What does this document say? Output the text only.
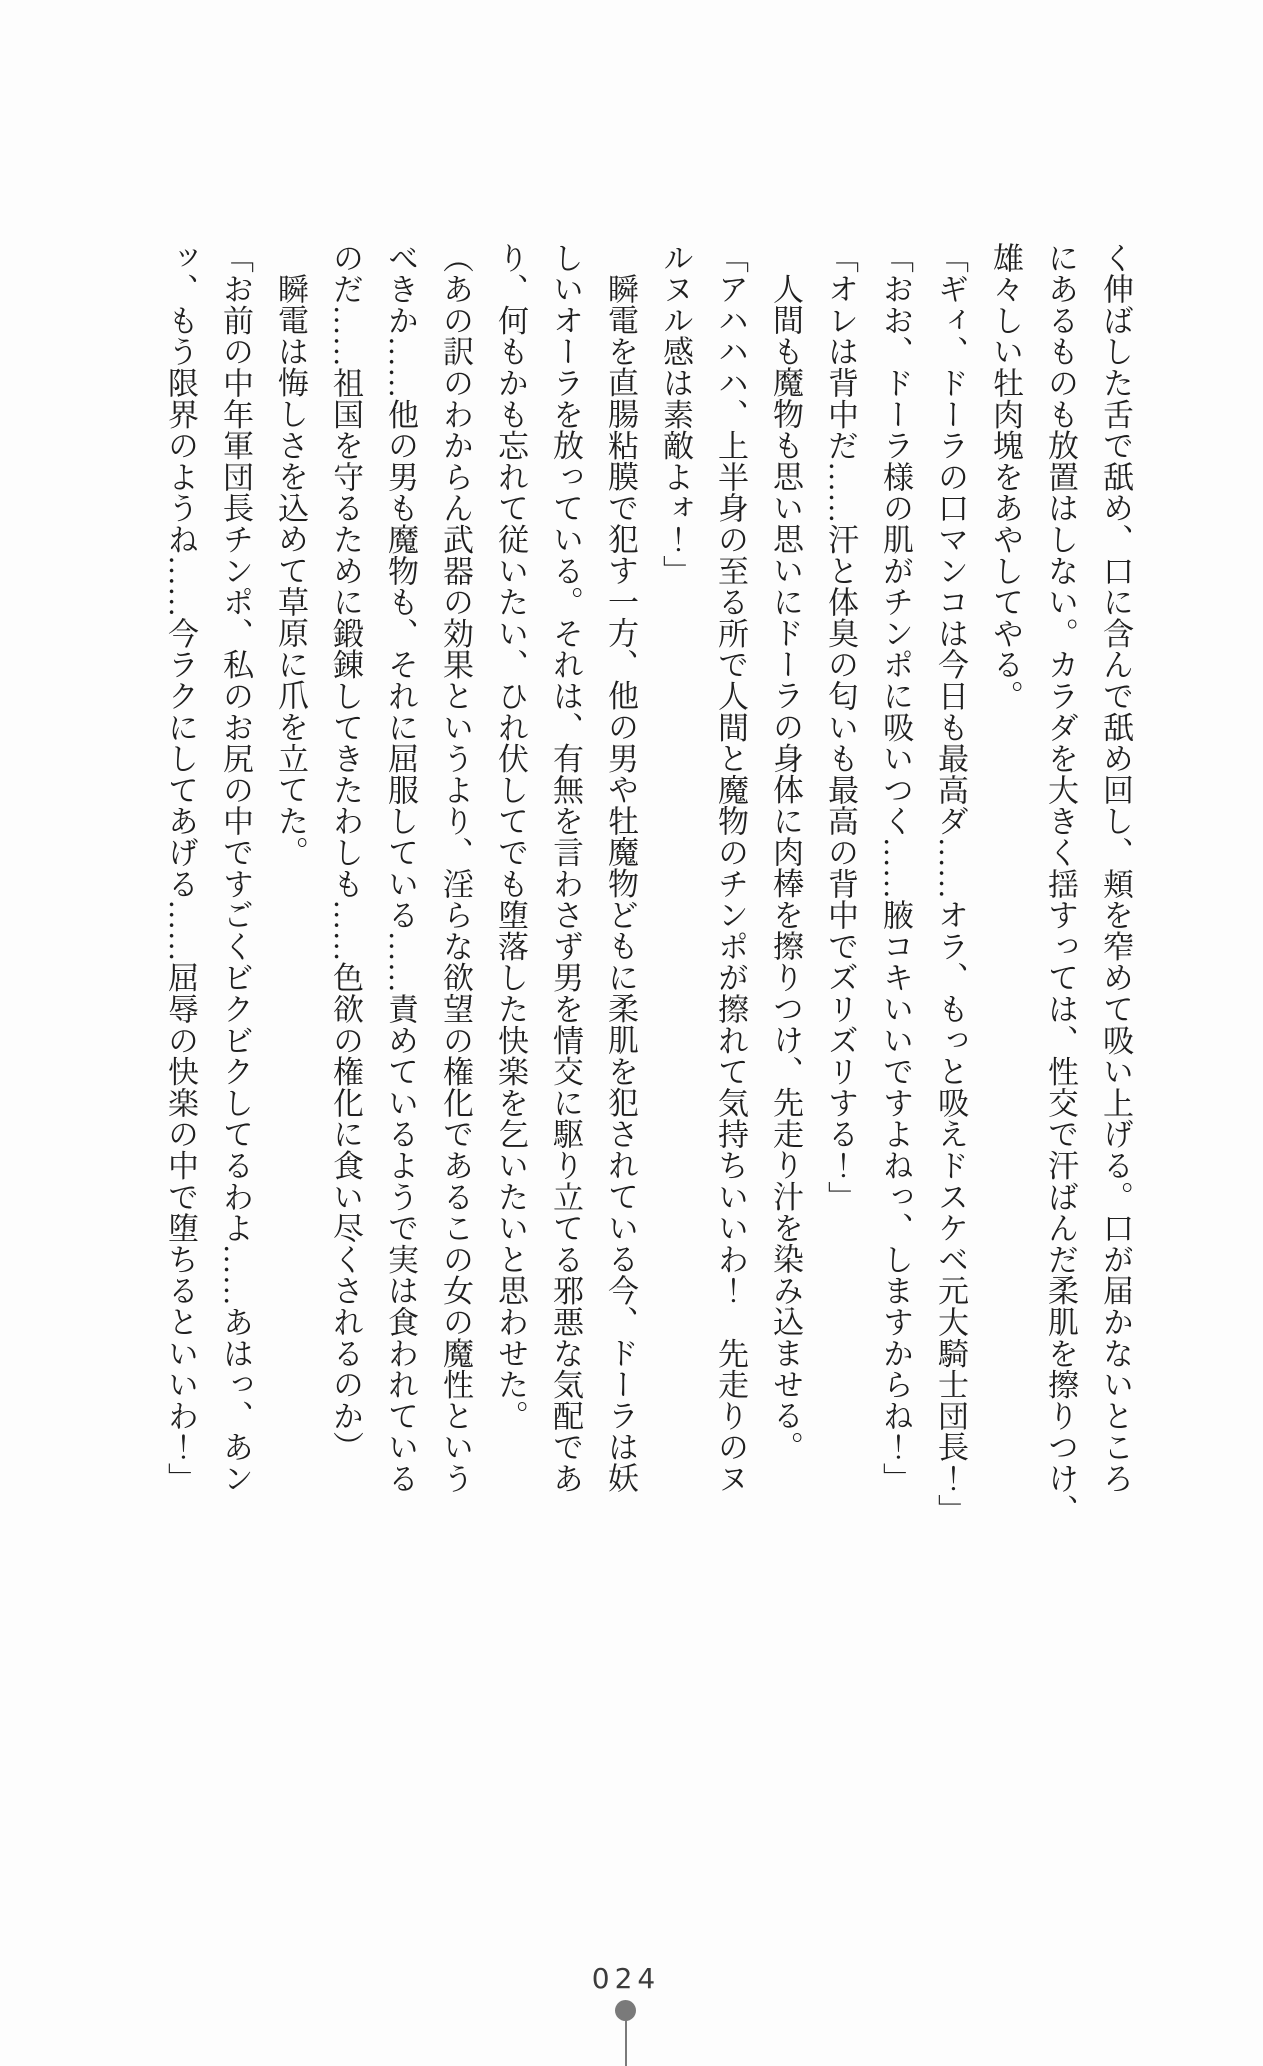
く伸ばした舌で舐め、口に含んで舐め回し、頬を窄めて吸い上げる。口が届かないところ
にあるものも放置はしない。カラダを大きく揺すっては、性交で汗ばんだ柔肌を擦りつけ、
雄々しい牡肉塊をあやしてやる。
「ギィ、ドーラの口マンコは今日も最高ダ……オラ、もっと吸えドスケベ元大騎士団長！」
「おお、ドーラ様の肌がチンポに吸いつく……腋コキいいですよねっ、しますからね！」
「オレは背中だ……汗と体臭の匂いも最高の背中でズリズリする！」
人間も魔物も思い思いにドーラの身体に肉棒を擦りつけ、先走り汁を染み込ませる。
「アハハハ、上半身の至る所で人間と魔物のチンポが擦れて気持ちいいわ！　先走りのヌ
ルヌル感は素敵よォ！」
瞬電を直腸粘膜で犯す一方、他の男や牡魔物どもに柔肌を犯されている今、ドーラは妖
しいオーラを放っている。それは、有無を言わさず男を情交に駆り立てる邪悪な気配であ
り、何もかも忘れて従いたい、ひれ伏してでも堕落した快楽を乞いたいと思わせた。
（あの訳のわからん武器の効果というより、淫らな欲望の権化であるこの女の魔性という
べきか……他の男も魔物も、それに屈服している……責めているようで実は食われている
のだ……祖国を守るために鍛錬してきたわしも……色欲の権化に食い尽くされるのか）
瞬電は悔しさを込めて草原に爪を立てた。
「お前の中年軍団長チンポ、私のお尻の中ですごくビクビクしてるわよ……あはっ、あン
ッ、もう限界のようね……今ラクにしてあげる……屈辱の快楽の中で堕ちるといいわ！」
024
